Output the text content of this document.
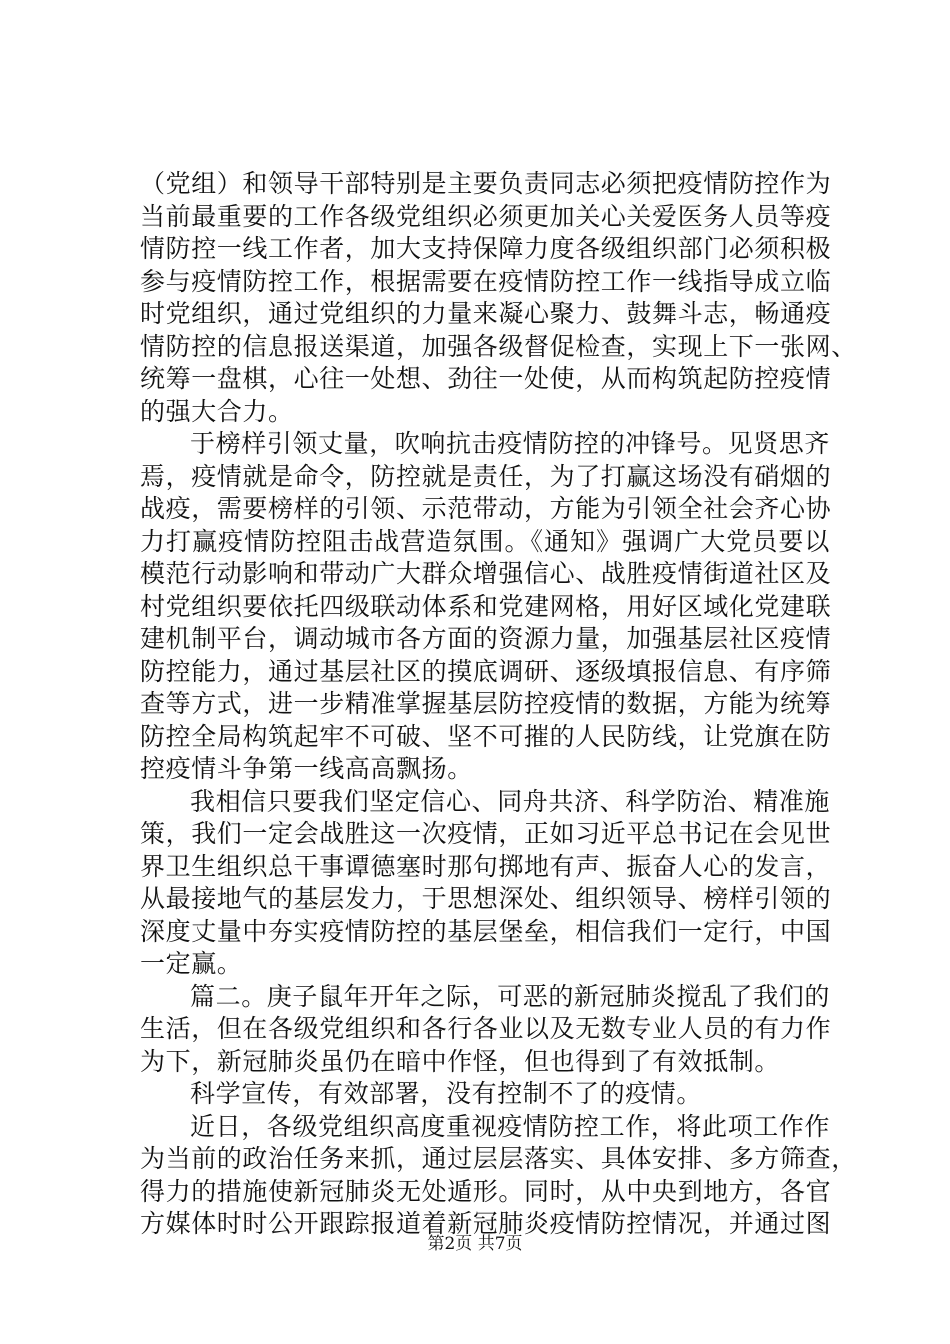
（党组）和领导干部特别是主要负责同志必须把疫情防控作为
当前最重要的工作各级党组织必须更加关心关爱医务人员等疫
情防控一线工作者，加大支持保障力度各级组织部门必须积极
参与疫情防控工作，根据需要在疫情防控工作一线指导成立临
时党组织，通过党组织的力量来凝心聚力、鼓舞斗志，畅通疫
情防控的信息报送渠道，加强各级督促检查，实现上下一张网、
统筹一盘棋，心往一处想、劲往一处使，从而构筑起防控疫情
的强大合力。
于榜样引领丈量，吹响抗击疫情防控的冲锋号。见贤思齐
焉，疫情就是命令，防控就是责任，为了打赢这场没有硝烟的
战疫，需要榜样的引领、示范带动，方能为引领全社会齐心协
力打赢疫情防控阻击战营造氛围。《通知》强调广大党员要以
模范行动影响和带动广大群众增强信心、战胜疫情街道社区及
村党组织要依托四级联动体系和党建网格，用好区域化党建联
建机制平台，调动城市各方面的资源力量，加强基层社区疫情
防控能力，通过基层社区的摸底调研、逐级填报信息、有序筛
查等方式，进一步精准掌握基层防控疫情的数据，方能为统筹
防控全局构筑起牢不可破、坚不可摧的人民防线，让党旗在防
控疫情斗争第一线高高飘扬。
我相信只要我们坚定信心、同舟共济、科学防治、精准施
策，我们一定会战胜这一次疫情，正如习近平总书记在会见世
界卫生组织总干事谭德塞时那句掷地有声、振奋人心的发言，
从最接地气的基层发力，于思想深处、组织领导、榜样引领的
深度丈量中夯实疫情防控的基层堡垒，相信我们一定行，中国
一定赢。
篇二。庚子鼠年开年之际，可恶的新冠肺炎搅乱了我们的
生活，但在各级党组织和各行各业以及无数专业人员的有力作
为下，新冠肺炎虽仍在暗中作怪，但也得到了有效抵制。
科学宣传，有效部署，没有控制不了的疫情。
近日，各级党组织高度重视疫情防控工作，将此项工作作
为当前的政治任务来抓，通过层层落实、具体安排、多方筛查，
得力的措施使新冠肺炎无处遁形。同时，从中央到地方，各官
方媒体时时公开跟踪报道着新冠肺炎疫情防控情况，并通过图
第2页 共7页
